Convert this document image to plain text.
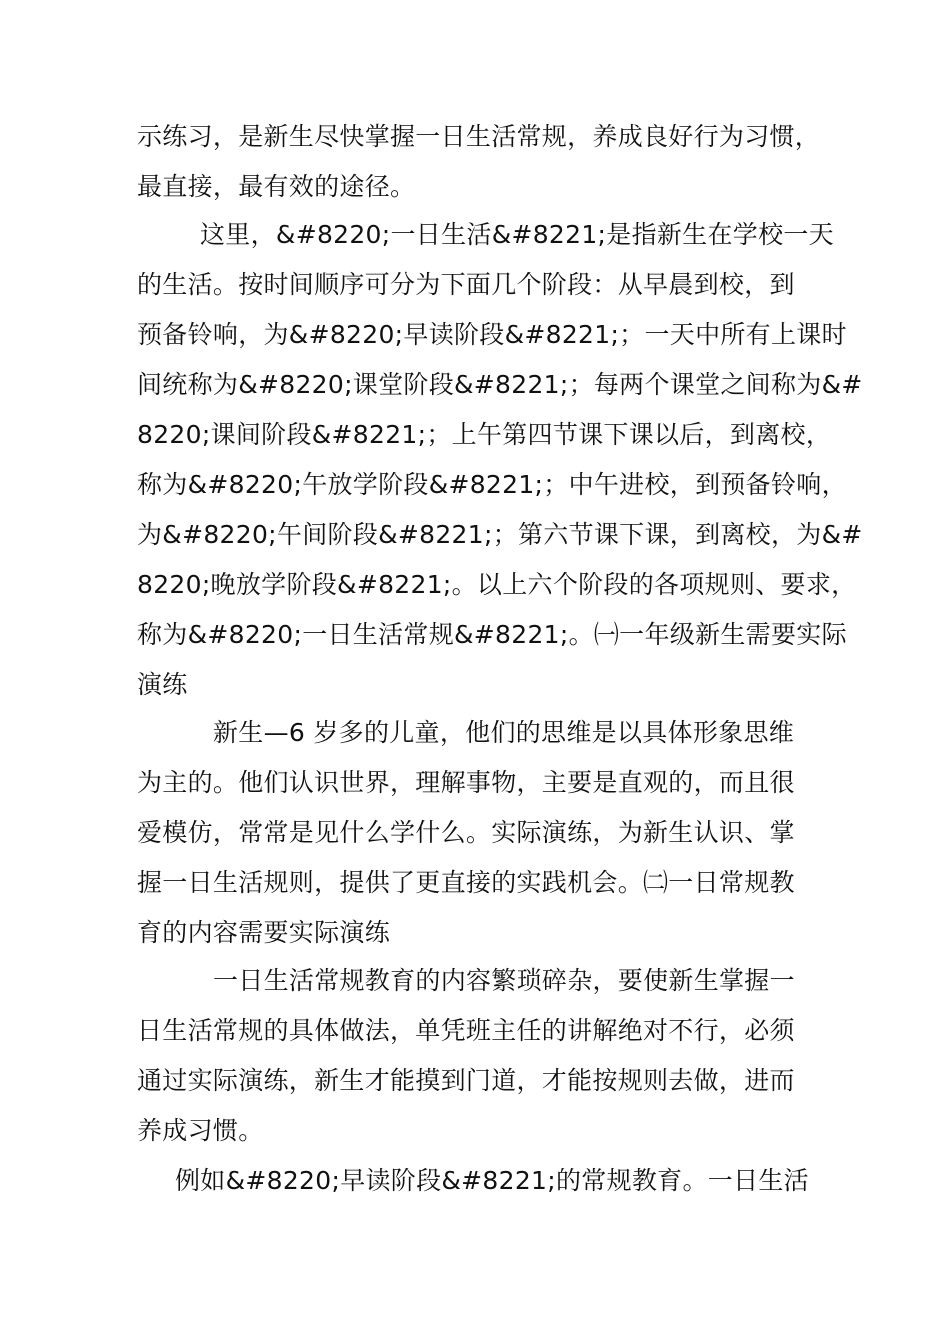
示练习，是新生尽快掌握一日生活常规，养成良好行为习惯，
最直接，最有效的途径。
这里，&#8220;一日生活&#8221;是指新生在学校一天
的生活。按时间顺序可分为下面几个阶段：从早晨到校，到
预备铃响，为&#8220;早读阶段&#8221;；一天中所有上课时
间统称为&#8220;课堂阶段&#8221;；每两个课堂之间称为&#
8220;课间阶段&#8221;；上午第四节课下课以后，到离校，
称为&#8220;午放学阶段&#8221;；中午进校，到预备铃响，
为&#8220;午间阶段&#8221;；第六节课下课，到离校，为&#
8220;晚放学阶段&#8221;。以上六个阶段的各项规则、要求，
称为&#8220;一日生活常规&#8221;。㈠一年级新生需要实际
演练
新生—6 岁多的儿童，他们的思维是以具体形象思维
为主的。他们认识世界，理解事物，主要是直观的，而且很
爱模仿，常常是见什么学什么。实际演练，为新生认识、掌
握一日生活规则，提供了更直接的实践机会。㈡一日常规教
育的内容需要实际演练
一日生活常规教育的内容繁琐碎杂，要使新生掌握一
日生活常规的具体做法，单凭班主任的讲解绝对不行，必须
通过实际演练，新生才能摸到门道，才能按规则去做，进而
养成习惯。
例如&#8220;早读阶段&#8221;的常规教育。一日生活
